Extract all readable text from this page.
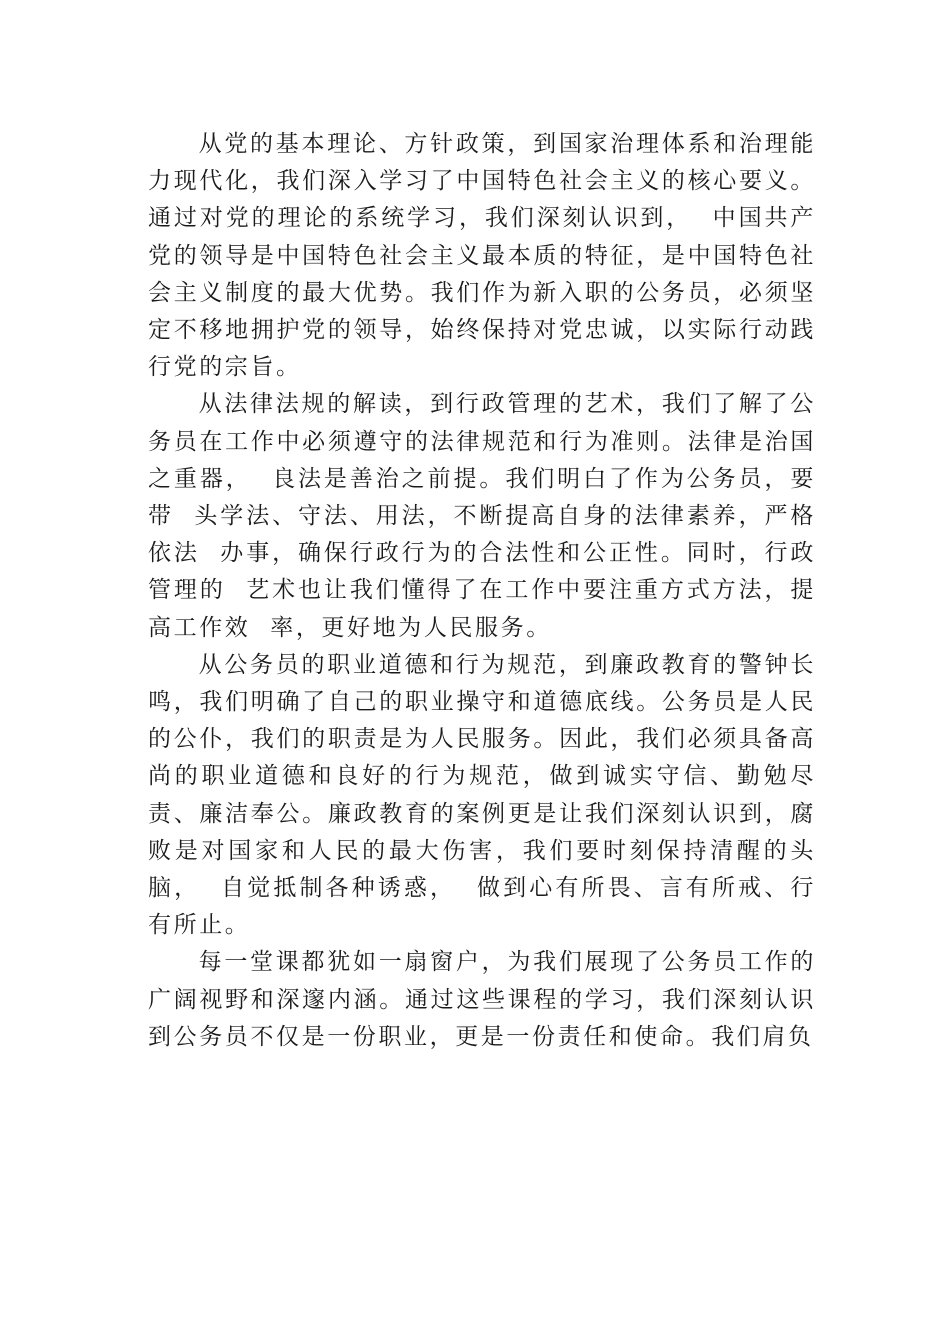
从党的基本理论、方针政策，到国家治理体系和治理能力现代化，我们深入学习了中国特色社会主义的核心要义。通过对党的理论的系统学习，我们深刻认识到，  中国共产党的领导是中国特色社会主义最本质的特征，是中国特色社会主义制度的最大优势。我们作为新入职的公务员，必须坚定不移地拥护党的领导，始终保持对党忠诚，以实际行动践行党的宗旨。

从法律法规的解读，到行政管理的艺术，我们了解了公务员在工作中必须遵守的法律规范和行为准则。法律是治国之重器，  良法是善治之前提。我们明白了作为公务员，要带  头学法、守法、用法，不断提高自身的法律素养，严格依法  办事，确保行政行为的合法性和公正性。同时，行政管理的  艺术也让我们懂得了在工作中要注重方式方法，提高工作效  率，更好地为人民服务。

从公务员的职业道德和行为规范，到廉政教育的警钟长鸣，我们明确了自己的职业操守和道德底线。公务员是人民的公仆，我们的职责是为人民服务。因此，我们必须具备高尚的职业道德和良好的行为规范，做到诚实守信、勤勉尽责、廉洁奉公。廉政教育的案例更是让我们深刻认识到，腐败是对国家和人民的最大伤害，我们要时刻保持清醒的头脑，  自觉抵制各种诱惑，  做到心有所畏、言有所戒、行有所止。

每一堂课都犹如一扇窗户，为我们展现了公务员工作的广阔视野和深邃内涵。通过这些课程的学习，我们深刻认识到公务员不仅是一份职业，更是一份责任和使命。我们肩负
